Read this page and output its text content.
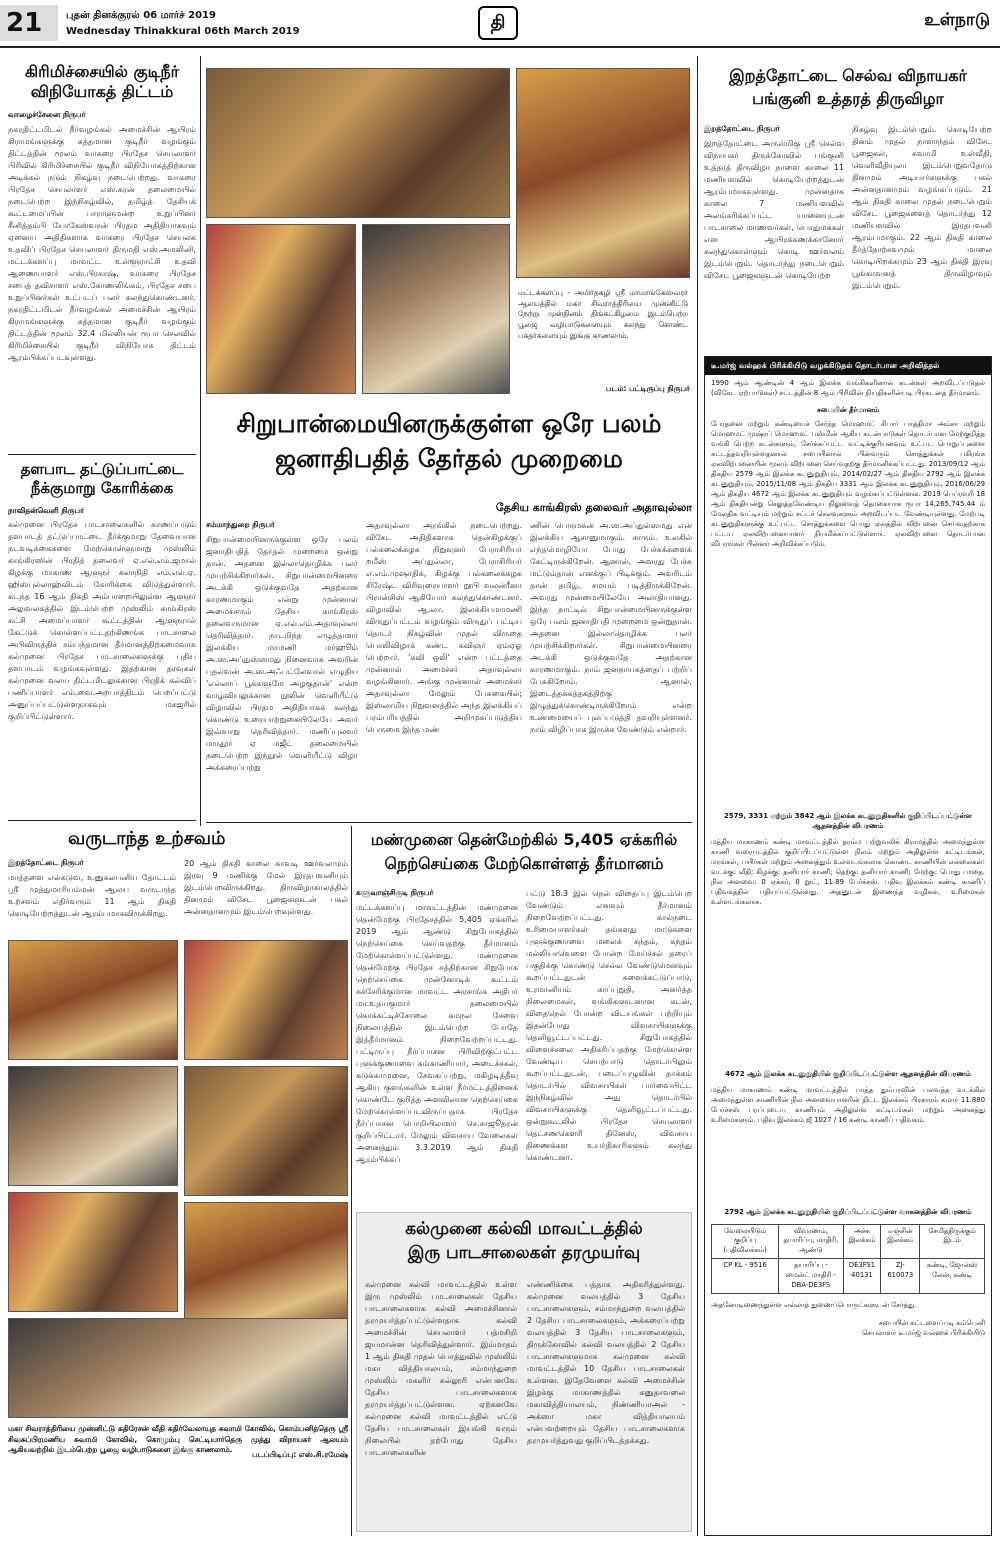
21 புதன் தினக்குரல் 06 மார்ச் 2019
Wednesday Thinakkural 06th March 2019	தி	உள்நாடு
கிரிமிச்சையில் குடிநீர் விநியோகத் திட்டம்
வாழைச்சேனை நிருபர்
நகரதிட்டமிடல் நீர்வழங்கல் அமைச்சின் ஆயிரம் கிராமங்களுக்கு சுத்தமான குடிநீர் வழங்கும் திட்டத்தின் மூலம் வாகரை பிரதேச செயலாளர் பிரிவில் கிரிமிச்சையில் குடிநீர் விநியோகத்திற்கான அடிக்கல் நடும் நிகழ்வு நடைபெற்றது. வாகரை பிரதேச செயலாளர் எஸ்.கரன் தலைமையில் நடைபெற்ற இந்நிகழ்வில், தமிழ்த் தேசியக் கூட்டமைப்பின் பாராளுமன்ற உறுப்பினர் சீனித்தம்பி யோகேஸ்வரன் பிரதம அதிதியாகவும் ஏனைய அதிதிகளாக வாகரை பிரதேச செயலக உதவிப் பிரதேச செயலாளர் திருமதி எஸ்.அமலினி, மட்டக்களப்பு மாவட்ட உள்ளூராட்சி உதவி ஆணையாளர் எஸ்.பிரகாஷ், வாகரை பிரதேச சபைத் தவிசாளர் எஸ்.கோணலிங்கம், பிரதேச சபை உறுப்பினர்கள் உட்படப் பலர் கலந்துகொண்டனர். நகரதிட்டமிடல் நீர்வழங்கல் அமைச்சின் ஆயிரம் கிராமங்களுக்கு சுத்தமான குடிநீர் வழங்கும் திட்டத்தின் மூலம் 32.4 மில்லியன் ரூபா செலவில் கிரிமிச்சையில் குடிநீர் விநியோக திட்டம் ஆரம்பிக்கப்படவுள்ளது.
தளபாட தட்டுப்பாட்டை நீக்குமாறு கோரிக்கை
நாவிதன்வெளி நிருபர்
கல்முனை பிரதேச பாடசாலைகளில் காணப்படும் தளபாடத் தட்டுப்பாட்டை தீர்க்குமாறு தேவையான நடவடிக்கைகளை மேற்கொள்ளுமாறு முஸ்லிம் காங்கிரஸின் பிரதித் தலைவர் ஏ.எல்.எம்.ஜமால் கிழக்கு மாகாண ஆளுநர் கலாநிதி எம்.எல்.ஏ. ஹிஸ்புல்லாஹ்விடம் கோரிக்கை விடுத்துள்ளார். கடந்த 16 ஆம் திகதி அம்பாறையிலுள்ள ஆளுநர் அலுவலகத்தில் இடம்பெற்ற முஸ்லிம் காங்கிரஸ் கட்சி அமைப்பாளர் கூட்டத்தின் ஆளுநரால் கேட்டுக் கொள்ளப்பட்டதற்கிணங்க பாடசாலை அபிவிருத்திச் சம்பந்தமான தீர்மானத்திற்கமைவாக கல்முனை பிரதேச பாடசாலைகளுக்கு புதிய தளபாடம் வழங்கவுள்ளது. இதற்கான தரவுகள் கல்முனை வலய திட்டமிடலுக்கான பிரதிக் கல்விப் பணிப்பாளர் எம்.வை.அறபாத்திடம் பெறப்பட்டு அனுப்பப்பட்டுள்ளதாகவும் மகஜரில் குறிப்பிட்டுள்ளார்.
மட்டக்களப்பு - அமிர்தகழி ஸ்ரீ மாமாங்கேஸ்வரர் ஆலயத்தில் மகா சிவராத்திரியை முன்னிட்டு நேற்று முன்தினம் திங்கட்கிழமை இடம்பெற்ற பூஜை வழிபாடுகளையும் கலந்து கொண்ட பக்தர்களையும் இங்கு காணலாம்.
படம்: பட்டிருப்பு நிருபர்
சிறுபான்மையினருக்குள்ள ஒரே பலம்
ஜனாதிபதித் தேர்தல் முறைமை
தேசிய காங்கிரஸ் தலைவர் அதாவுல்லா
சம்மாந்துறை நிருபர்
சிறுபான்மையினருக்குள்ள ஒரே பலம் ஜனாதிபதித் தேர்தல் முறைமை ஒன்று தான். அதனை இல்லாதொழிக்க பலர் முயற்சிக்கிறார்கள். சிறுபான்மையினரை அடக்கி ஒடுக்குவதே அதற்கான காரணமாகும் என்று முன்னாள் அமைச்சரும் தேசிய காங்கிரஸ் தலைவருமான ஏ.எல்.எம்.அதாவுல்லா தெரிவித்தார். நாடறிந்த எழுத்தாளர் இலக்கிய மாமணி மர்ஹூம் அ.ஸ.அப்துஸ்ஸமது நினைவாக அவரின் புதல்வன் அ.ஸ.அஃபட்லேவால் எழுதிய 'எல்லாப் பூக்களுமே அழகுதான்' என்ற வாழ்வியலுக்கான நூலின் வெளியீட்டு விழாவில் பிரதம அதிதியாகக் கலந்து கொண்டு உரையாற்றுகையிலேயே அவர் இவ்வாறு தெரிவித்தார். மணிப்புலவர் மருதூர் ஏ மஜீட் தலைமையில் நடைபெற்ற இந்நூல் வெளியீட்டு விழா அக்கரைப்பற்று
அதாவுல்லா அரங்கில் நடைபெற்றது. விசேட அதிதிகளாக தென்கிழக்குப் பல்கலைக்கழக நிறுவுனர் பேராசிரியர் றமீஸ் அப்துல்லா, பேராசிரியர் எ.எம்.முஷாதிக், கிழக்கு பல்கலைக்கழக சிரேஷ்ட விரிவுரையாளர் றூபி வலன்ரீனா பிரான்சிஸ் ஆகியோர் கலந்துகொண்டனர். விழாவில் ஆ.லா. இலக்கியமாமணி விருதுப்பட்டம் வழங்கும் விருதுப் பட்டிய தொடர் நிகழ்வின் முதல் விருதை பொலிவிழாக் கண்ட கவிஞர் ஏம்ஏஓ பெற்றார். 'கவி ஒலி' என்ற பட்டத்தை முன்னாள் அமைச்சர் அதாவுல்லா வழங்கினார். அங்கு முன்னாள் அமைச்சர் அதாவுல்லா மேலும் பேசுகையில்; இஸ்லாமிய நிறுவனத்தில் அந்த இலக்கியப் பரம்பரியத்தில் அறிமுகப்படுத்திய பெருமை இந்த மண்
ணின் பெருமகன் அ.ஸ.அப்துல்ஸமது என் இலக்கிய ஆசானுமாகும். சாரும். உலகில் எந்தமொழியோ போது பேச்சுக்களைக் கேட்டிருக்கிறேன். ஆனால், அவரது பேச்சு மட்டும்தான் எனக்குப் பிடிக்கும். அவரிடம் தான் தமிழ், சமயம் படித்திருக்கிறேன். அவரது முன்மையிலேயே அலாதியானது. இந்த நாட்டில் சிறுபான்மையினருக்குள்ள ஒரே பலம் ஜனாதிபதி முறைமை ஒன்றுதான். அதனை இல்லாதொழிக்க பலர் முயற்சிக்கிறார்கள். சிறுபான்மையினரை அடக்கி ஒடுக்குவதே அதற்கான காரணமாகும். நாம் ஜனநாயகத்தைப் பற்றிப் பேசுகிறோம். ஆனால், இடைத்தக்கத்தகத்திற்கு இழுத்துக்கொண்டிருக்கிறோம் என்ற உண்மையைப் புலப்படுத்தி தவறியுள்ளனர். நாம் விழிப்பாக இருக்க வேண்டும் என்றார்.
வருடாந்த உற்சவம்
இறத்தோட்டை நிருபர்
மாத்தளை எல்கடுவ, உனுகலபனிய தோட்டம் ஸ்ரீ முத்துமாரியம்மன் ஆலய வருடாந்த உற்சவம் எதிர்வரும் 11 ஆம் திகதி கொடியேற்றத்துடன் ஆரம்பமாகவிருக்கிறது.
20 ஆம் திகதி காலை காவடி ஊர்வலமும் இரவு 9 மணிக்கு மேல் இரதபவனியும் இடம்பெறவிருக்கிறது. திருவிழாகாலத்தில் தினமும் விசேட பூஜைகளுடன் பகல் அன்னதானமும் இடம்பெறவுள்ளது.
மகா சிவராத்திரியை முன்னிட்டு கதிரேசன் வீதி கதிர்வேலாயுத சுவாமி கோவில், கொம்பனித்தெரு ஸ்ரீ சிவசுப்பிரமணிய சுவாமி கோவில், கொழும்பு செட்டியார்தெரு முத்து விநாயகர் ஆலயம் ஆகியவற்றில் இடம்பெற்ற பூஜை வழிபாடுகளை இங்கு காணலாம்.
படப்பிடிப்பு: எஸ்.சி.ரமேஷ்
மண்முனை தென்மேற்கில் 5,405 ஏக்கரில்
நெற்செய்கை மேற்கொள்ளத் தீர்மானம்
களுவாஞ்சிகுடி நிருபர்
மட்டக்களப்பு மாவட்டத்தின் மண்முனை தென்மேற்கு பிரதேசத்தில் 5,405 ஏக்கரில் 2019 ஆம் ஆண்டு சிறுபோகத்தில் நெற்செய்கை செய்வதற்கு தீர்மானம் மேற்கொள்ளப்பட்டுள்ளது. மண்முனை தென்மேற்கு பிரதேச சத்திற்கான சிறுபோக நெற்செய்கை முன்னோடிக் கூட்டம் கச்சேரிக்குமான மாவட்ட அரசாங்க அதிபர் மா.உதயகுமார் தலைமையில் கொக்கட்டிச்சோலை கமநல சேவை நிலையத்தில் இடம்பெற்ற போதே இத்தீர்மானம் நிறைவேற்றப்பட்டது. பட்டிருப்பு நீர்ப்பாசன பிரிவிற்குட்பட்ட புளுக்குணாவை கங்காணியார், அடைச்சகல், கடுக்காமுனை, சேவகப்பற்று, மகிழடித்தீவு ஆகிய குளங்களின் உள்ள நீர்மட்டத்தினைக் கொண்டே குறித்த அளவிலான நெற்செய்கை மேற்கொள்ளப்படவிருப்பதாக பிரதேச நீர்ப்பாசன பொறியிலாளர் செ.சாஜூதரன் குறிப்பிட்டார். மேலும் விவசாய வேலைகள் அனைத்தும் 3.3.2019 ஆம் திகதி ஆரம்பிக்கப்
பட்டு 18.3 இல் நெல் விதைப்பு இடம்பெற வேண்டும் எனவும் தீர்மானம் நிறைவேற்றப்பட்டது. கால்நடை உரிமையாளர்கள் தங்களது மாடுகளை புளுக்குணாவை மலைக் கந்தம், கந்தம் மல்லியாவெளை போன்ற மேய்ச்சல் தரைப் பகுதிக்கு கொண்டு செல்ல வேண்டுமெனவும் கூறப்பட்டதுடன் களைக்கட்டுப்பாடு, உரமானியம் காப்புறுதி, அனர்த்த நிலைமைகள், வங்கிகளுடனான கடன், விதைநெல் போன்ற விடயங்கள் பற்றியும் இதன்போது விவசாயிகளுக்கு தெளிவூட்டப்பட்டது. சிறுபோகத்தில் விளைச்சலை அதிகரிப்பதற்கு மேற்கொள்ள வேண்டிய செயற்பாடு தொடர்பிலும் கூறப்பட்டதுடன், படைப்புழுவின் தாக்கம் தொடர்பில் விவசாயிகள் பார்வையிட்ட இந்நிகழ்வில் அது தொடர்பில் விவசாயிகளுக்கு தெளிவூட்டப்பட்டது. ஒன்றுகூடலில் பிரதேச செயலாளர் தெட்சணகௌரி தினேஸ், விவசாய திணைக்கள உயர்திகாரிகளும் கலந்து கொண்டனர்.
கல்முனை கல்வி மாவட்டத்தில்
இரு பாடசாலைகள் தரமுயர்வு
கல்முனை கல்வி மாவட்டத்தில் உள்ள இரு முஸ்லிம் பாடசாலைகள் தேசிய பாடசாலைகளாக கல்வி அமைச்சினால் தரமுயர்த்தப்பட்டுள்ளதாக கல்வி அமைச்சின் செயலாளர் பத்மசிறி ஜயமான்ன தெரிவித்துள்ளார். இம்மாதம் 1 ஆம் திகதி முதல் பொத்துவில் முஸ்லிம் மகா வித்தியாலயம், சம்மாந்துறை முஸ்லிம் மகளிர் கல்லூரி என்பனவே தேசிய பாடசாலைகளாக தரமுயர்த்தப்பட்டுள்ளன. ஏற்கனவே கல்முனை கல்வி மாவட்டத்தில் எட்டு தேசிய பாடசாலைகள் இயங்கி வரும் நிலையில் தற்போது தேசிய பாடசாலைகளின்
எண்ணிக்கை பத்தாக அதிகரித்துள்ளது. கல்முனை வலயத்தில் 3 தேசிய பாடசாலைகளும், சம்மாந்துறை வலயத்தில் 2 தேசிய பாடசாலைகளும், அக்கரைப்பற்று வலயத்தில் 3 தேசிய பாடசாலைகளும், திருக்கோவில் கல்வி வலயத்தில் 2 தேசிய பாடசாலைகளுமாக கல்முனை கல்வி மாவட்டத்தில் 10 தேசிய பாடசாலைகள் உள்ளன. இதேவேளை கல்வி அமைச்சின் இழக்கு மாகாணத்தில் கனுதாவலை மகாவித்தியாலயம், நிண்ணியாஅல் - அக்ஸா மகா வித்தியாலயம் என்பவற்றையும் தேசிய பாடசாலைகளாக தரமுயர்த்துவது குறிப்பிடத்தக்கது.
இறத்தோட்டை செல்வ விநாயகர்
பங்குனி உத்தரத் திருவிழா
இறத்தோட்டை நிருபர்
இறத்தோட்டை அருள்மிகு ஸ்ரீ செல்வ விநாயகர் திருக்கோவில் பங்குனி உத்தரத் திருவிழா நாளை காலை 11 மணியளவில் கொடியேற்றத்துடன் ஆரம்பமாகவுள்ளது. முன்னதாக காலை 7 மணியளவில் அலங்கரிக்கப்பட்ட யானையுடன் பாடசாலை மாணவர்கள், பொதுமக்கள் என ஆயிரக்கணக்கானோர் கலந்துகொள்ளும் கொடி ஊர்வலம் இடம்பெறும். தொடர்ந்து நடைபெறும் விசேட பூஜைகளுடன் கொடியேற்ற
நிகழ்வு இடம்பெறும். கொடியேற்ற தினம் முதல் நாளாந்தம் விசேட பூஜைகள், சுவாமி உள்வீதி, வெளிவீதியுலா இடம்பெறுவதோடு தினமும் அடியார்களுக்கு பகல் அன்னதானமும் வழங்கப்படும். 21 ஆம் திகதி காலை முதல் நடைபெறும் விசேட பூஜைகளைத் தொடர்ந்து 12 மணியளவில் இரதபவனி ஆரம்பமாகும். 22 ஆம் திகதி காலை தீர்த்தோற்சவமும் மாலை கொடியிறக்கமும் 23 ஆம் திகதி இரவு பூங்காவனத் திருவிழாவும் இடம்பெறும்.
டீ.மர்ஜ் வல்ஹக் பிரிக்கியிடு வழக்கிடுதல் தொடர்பான அறிவித்தல்
1990 ஆம் ஆண்டின் 4 ஆம் இலக்க வங்கிகளினால் கடன்கள் அறவிடப்படுதல் (விசேட ஏற்பாடுகள்) சட்டத்தின் 8 ஆம் பிரிவின் நியதிகளின்படி பிரகடனத் தீர்மானம்.
சபையின் தீர்மானம்
பேரதனை மற்றும் கண்டியைச் சேர்ந்த மொஹமட் சிபார் பாத்திமா அம்சா மற்றும் மொஹமட் முஷ்ரப் மொஹமட் பஸ்மின் ஆகிய கடன்பாடுகள் தொடர்பான மேற்குறித்த வங்கி பெற்ற கடன்களும், சேர்க்கப்பட்ட வட்டிக்குரியனவும் உட்பட பொறுப்புகளை கட்டத்தவறியுள்ளதனால் சபையினால் பின்வரும் சொத்துக்கள் பகிரங்க ஏலவிற்பனையின் மூலம் விற்பனை செய்வதற்கு தீர்மானிக்கப்பட்டது. 2013/09/12 ஆம் திகதிய 2579 ஆம் இலக்க கடனுறுதியும், 2014/02/27 ஆம் திகதிய 2792 ஆம் இலக்க கடனுறுதியும், 2015/11/08 ஆம் திகதிய 3331 ஆம் இலக்க கடனுறுதியும், 2016/06/29 ஆம் திகதிய 4672 ஆம் இலக்க கடனுறுதியும் வழங்கப்பட்டுள்ளன. 2019 பெப்ரவரி 18 ஆம் திகதியன்று செலுத்தவேண்டிய நிலுவைத் தொகையாக ரூபா 14,265,745.44 ம் மேலதிக வட்டியும் மற்றும் சட்டச் செலவுகளும் அறவிடப்பட வேண்டியுள்ளது. மேற்படி கடனுறுதிகளுக்கு உட்பட்ட சொத்துக்களை பொது ஏலத்தில் விற்பனை செய்வதற்காக பட்டய ஏலவிற்பனையாளர் நியமிக்கப்பட்டுள்ளார். ஏலவிற்பனை தொடர்பான விபரங்கள் பின்னர் அறிவிக்கப்படும்.
2579, 3331 மற்றும் 3842 ஆம் இலக்க கடனுறுதிகளில் குறிப்பிடப்பட்டுள்ள ஆதனத்தின் விபரணம்
மத்திய மாகாணம் கண்டி மாவட்டத்தில் தரம்ம பற்றுவலிக் கிராமத்தில் அமைந்துள்ள காணி வரைபடத்தில் குறிப்பிடப்பட்டுள்ள நிலம் மற்றும் அதிலுள்ள கட்டிடங்கள், மரங்கள், பயிர்கள் மற்றும் அனைத்தும் உள்ளடங்கலாக கொண்ட காணியின் எல்லைகள்: வடக்கு: வீதி; கிழக்கு: தனியார் காணி; தெற்கு: தனியார் காணி; மேற்கு: பொது பாதை. நில அளவை: 0 ஏக்கர், 0 றூட், 11.89 பேர்ச்சஸ். பதிவு இலக்கம் கண்டி காணிப் பதிவகத்தில் பதியப்பட்டுள்ளது. அதனுடன் இணைந்த வழிகள், உரிமைகள் உள்ளடங்கலாக.
4672 ஆம் இலக்க கடனுறுதியில் குறிப்பிடப்பட்டுள்ள ஆதனத்தின் விபரணம்
மத்திய மாகாணம் கண்டி மாவட்டத்தில் பாத்த தும்பரவின் பலவத்த வடக்கில் அமைந்துள்ள காணியின் நில அளவையாளரின் திட்ட இலக்கம் பிரகாரம் சுமார் 11.880 பேர்ச்சஸ் பரப்புடைய காணியும் அதிலுள்ள கட்டிடங்கள் மற்றும் அனைத்து உரிமைகளும். பதிவு இலக்கம் ஜீ 1027 / 16 கண்டி காணிப் பதிவகம்.
2792 ஆம் இலக்க கடனுறுதியில் குறிப்பிடப்பட்டுள்ள வாகனத்தின் விபரணம்
வேலையிடும் குறிப்பு (பதிவிலக்கம்)	விவரணம், தயாரிப்பு, மாதிரி, ஆண்டு	அச்சு இலக்கம்	எஞ்சின் இலக்கம்	சேமித்திருக்கும் இடம்
CP KL - 9516	தயாரிப்பு - மைன்ட் மாதிரி - DBA-DE3FS	DE3FS1 40131	ZJ-610073	கண்டி, ஜோன்ஸ் லேன், கண்டி
அதனோடிணைந்துள்ள எல்லாத் துணைப்பொருட்களுடன் சேர்த்து.
சபையின் கட்டளைப்படி கம்பெனி செயலாளர் டீ.மர்ஜ் வல்ஹக் பிரிக்கியிடு
